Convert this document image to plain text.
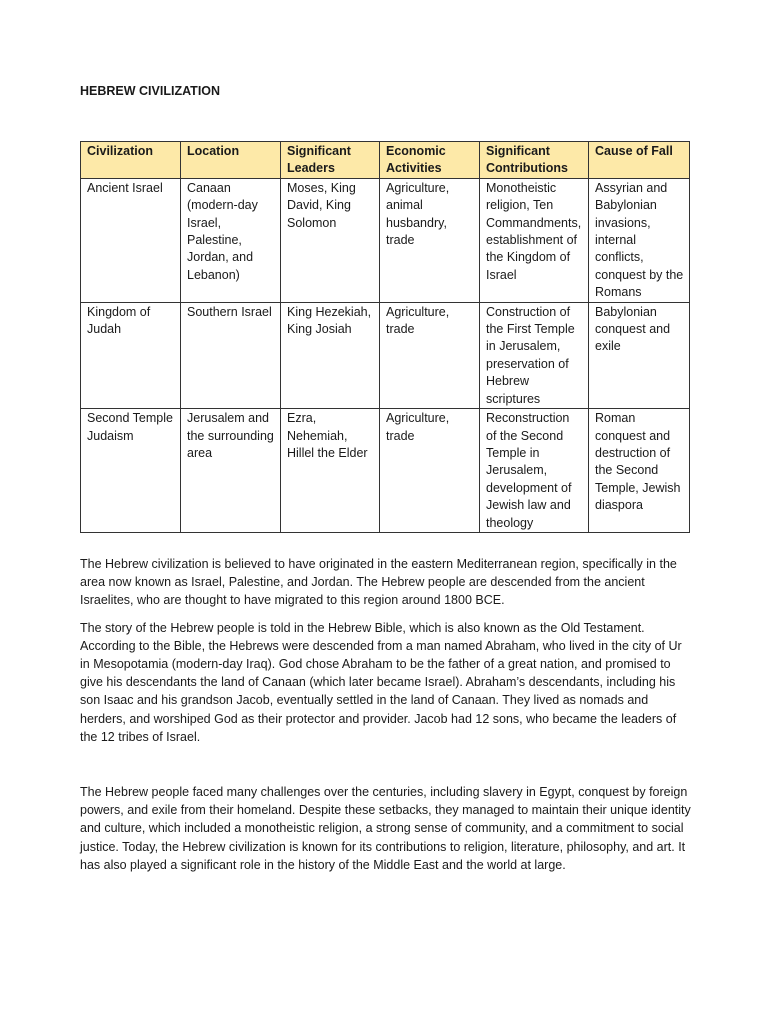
HEBREW CIVILIZATION
Civilization	Location	Significant Leaders	Economic Activities	Significant Contributions	Cause of Fall
Ancient Israel	Canaan (modern-day Israel, Palestine, Jordan, and Lebanon)	Moses, King David, King Solomon	Agriculture, animal husbandry, trade	Monotheistic religion, Ten Commandments, establishment of the Kingdom of Israel	Assyrian and Babylonian invasions, internal conflicts, conquest by the Romans
Kingdom of Judah	Southern Israel	King Hezekiah, King Josiah	Agriculture, trade	Construction of the First Temple in Jerusalem, preservation of Hebrew scriptures	Babylonian conquest and exile
Second Temple Judaism	Jerusalem and the surrounding area	Ezra, Nehemiah, Hillel the Elder	Agriculture, trade	Reconstruction of the Second Temple in Jerusalem, development of Jewish law and theology	Roman conquest and destruction of the Second Temple, Jewish diaspora

The Hebrew civilization is believed to have originated in the eastern Mediterranean region, specifically in the area now known as Israel, Palestine, and Jordan. The Hebrew people are descended from the ancient Israelites, who are thought to have migrated to this region around 1800 BCE.

The story of the Hebrew people is told in the Hebrew Bible, which is also known as the Old Testament. According to the Bible, the Hebrews were descended from a man named Abraham, who lived in the city of Ur in Mesopotamia (modern-day Iraq). God chose Abraham to be the father of a great nation, and promised to give his descendants the land of Canaan (which later became Israel). Abraham’s descendants, including his son Isaac and his grandson Jacob, eventually settled in the land of Canaan. They lived as nomads and herders, and worshiped God as their protector and provider. Jacob had 12 sons, who became the leaders of the 12 tribes of Israel.

The Hebrew people faced many challenges over the centuries, including slavery in Egypt, conquest by foreign powers, and exile from their homeland. Despite these setbacks, they managed to maintain their unique identity and culture, which included a monotheistic religion, a strong sense of community, and a commitment to social justice. Today, the Hebrew civilization is known for its contributions to religion, literature, philosophy, and art. It has also played a significant role in the history of the Middle East and the world at large.
